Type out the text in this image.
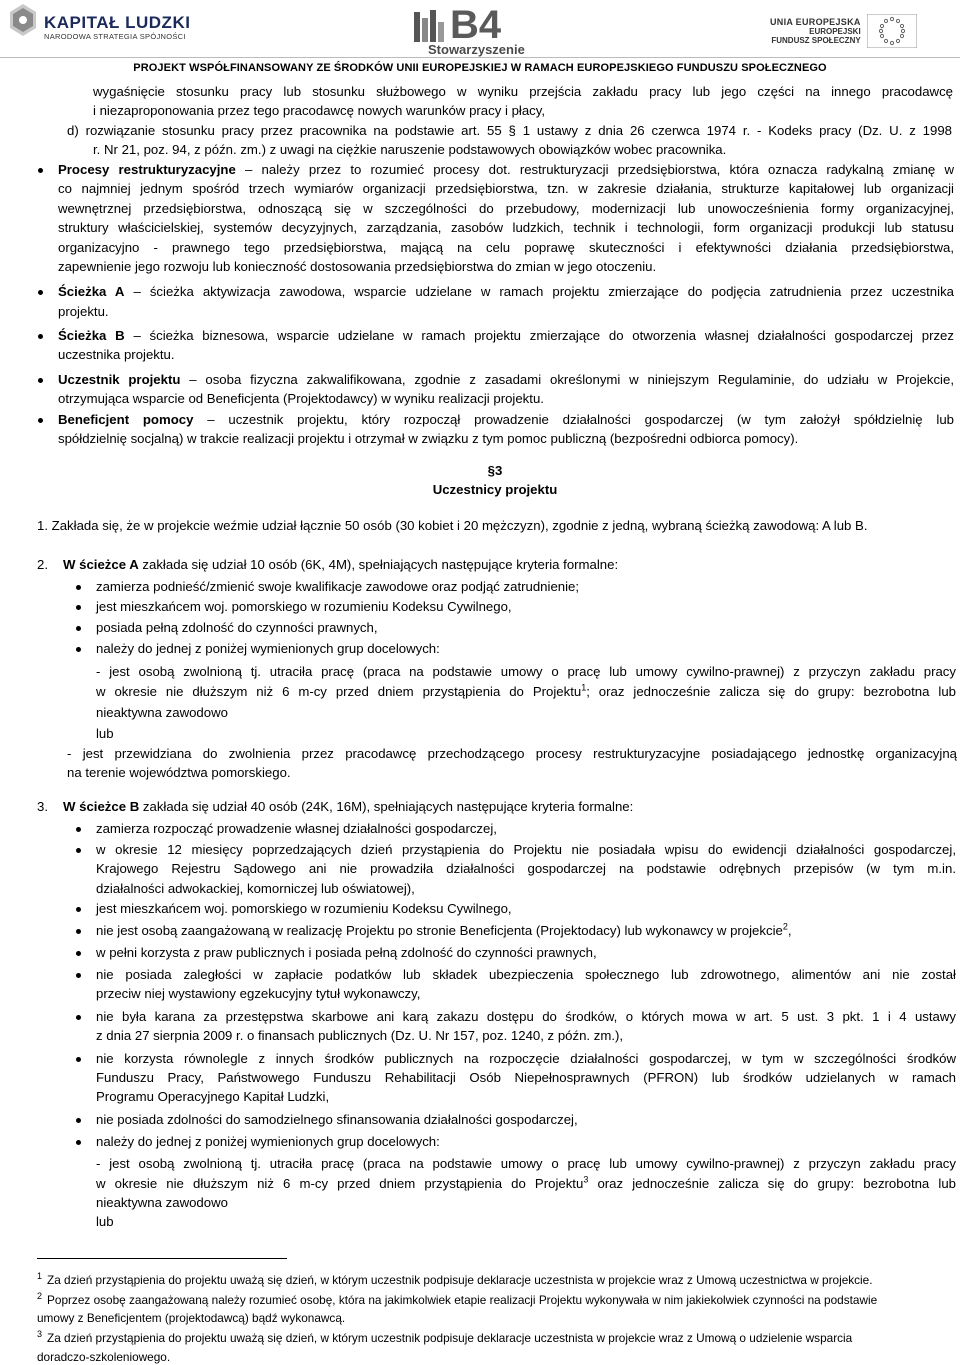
KAPITAŁ LUDZKI
NARODOWA STRATEGIA SPÓJNOŚCI	B4
Stowarzyszenie
UNIA EUROPEJSKA
EUROPEJSKI
FUNDUSZ SPOŁECZNY
PROJEKT WSPÓŁFINANSOWANY ZE ŚRODKÓW UNII EUROPEJSKIEJ W RAMACH EUROPEJSKIEGO FUNDUSZU SPOŁECZNEGO
wygaśnięcie stosunku pracy lub stosunku służbowego w wyniku przejścia zakładu pracy lub jego części na innego pracodawcę
i niezaproponowania przez tego pracodawcę nowych warunków pracy i płacy,
d) rozwiązanie stosunku pracy przez pracownika na podstawie art. 55 § 1 ustawy z dnia 26 czerwca 1974 r. - Kodeks pracy (Dz. U. z 1998
r. Nr 21, poz. 94, z późn. zm.) z uwagi na ciężkie naruszenie podstawowych obowiązków wobec pracownika.
Procesy restrukturyzacyjne – należy przez to rozumieć procesy dot. restrukturyzacji przedsiębiorstwa, która oznacza radykalną zmianę w
co najmniej jednym spośród trzech wymiarów organizacji przedsiębiorstwa, tzn. w zakresie działania, strukturze kapitałowej lub organizacji
wewnętrznej przedsiębiorstwa, odnoszącą się w szczególności do przebudowy, modernizacji lub unowocześnienia formy organizacyjnej,
struktury właścicielskiej, systemów decyzyjnych, zarządzania, zasobów ludzkich, technik i technologii, form organizacji produkcji lub statusu
organizacyjno - prawnego tego przedsiębiorstwa, mającą na celu poprawę skuteczności i efektywności działania przedsiębiorstwa,
zapewnienie jego rozwoju lub konieczność dostosowania przedsiębiorstwa do zmian w jego otoczeniu.
Ścieżka A – ścieżka aktywizacja zawodowa, wsparcie udzielane w ramach projektu zmierzające do podjęcia zatrudnienia przez uczestnika
projektu.
Ścieżka B – ścieżka biznesowa, wsparcie udzielane w ramach projektu zmierzające do otworzenia własnej działalności gospodarczej przez
uczestnika projektu.
Uczestnik projektu – osoba fizyczna zakwalifikowana, zgodnie z zasadami określonymi w niniejszym Regulaminie, do udziału w Projekcie,
otrzymująca wsparcie od Beneficjenta (Projektodawcy) w wyniku realizacji projektu.
Beneficjent pomocy – uczestnik projektu, który rozpoczął prowadzenie działalności gospodarczej (w tym założył spółdzielnię lub
spółdzielnię socjalną) w trakcie realizacji projektu i otrzymał w związku z tym pomoc publiczną (bezpośredni odbiorca pomocy).
§3
Uczestnicy projektu
1. Zakłada się, że w projekcie weźmie udział łącznie 50 osób (30 kobiet i 20 mężczyzn), zgodnie z jedną, wybraną ścieżką zawodową: A lub B.
2. W ścieżce A zakłada się udział 10 osób (6K, 4M), spełniających następujące kryteria formalne:
zamierza podnieść/zmienić swoje kwalifikacje zawodowe oraz podjąć zatrudnienie;
jest mieszkańcem woj. pomorskiego w rozumieniu Kodeksu Cywilnego,
posiada pełną zdolność do czynności prawnych,
należy do jednej z poniżej wymienionych grup docelowych:
- jest osobą zwolnioną tj. utraciła pracę (praca na podstawie umowy o pracę lub umowy cywilno-prawnej) z przyczyn zakładu pracy
w okresie nie dłuższym niż 6 m-cy przed dniem przystąpienia do Projektu$^1$; oraz jednocześnie zalicza się do grupy: bezrobotna lub
nieaktywna zawodowo
lub
- jest przewidziana do zwolnienia przez pracodawcę przechodzącego procesy restrukturyzacyjne posiadającego jednostkę organizacyjną
na terenie województwa pomorskiego.
3. W ścieżce B zakłada się udział 40 osób (24K, 16M), spełniających następujące kryteria formalne:
zamierza rozpocząć prowadzenie własnej działalności gospodarczej,
w okresie 12 miesięcy poprzedzających dzień przystąpienia do Projektu nie posiadała wpisu do ewidencji działalności gospodarczej,
Krajowego Rejestru Sądowego ani nie prowadziła działalności gospodarczej na podstawie odrębnych przepisów (w tym m.in.
działalności adwokackiej, komorniczej lub oświatowej),
jest mieszkańcem woj. pomorskiego w rozumieniu Kodeksu Cywilnego,
nie jest osobą zaangażowaną w realizację Projektu po stronie Beneficjenta (Projektodacy) lub wykonawcy w projekcie$^2$,
w pełni korzysta z praw publicznych i posiada pełną zdolność do czynności prawnych,
nie posiada zaległości w zapłacie podatków lub składek ubezpieczenia społecznego lub zdrowotnego, alimentów ani nie został
przeciw niej wystawiony egzekucyjny tytuł wykonawczy,
nie była karana za przestępstwa skarbowe ani karą zakazu dostępu do środków, o których mowa w art. 5 ust. 3 pkt. 1 i 4 ustawy
z dnia 27 sierpnia 2009 r. o finansach publicznych (Dz. U. Nr 157, poz. 1240, z późn. zm.),
nie korzysta równolegle z innych środków publicznych na rozpoczęcie działalności gospodarczej, w tym w szczególności środków
Funduszu Pracy, Państwowego Funduszu Rehabilitacji Osób Niepełnosprawnych (PFRON) lub środków udzielanych w ramach
Programu Operacyjnego Kapitał Ludzki,
nie posiada zdolności do samodzielnego sfinansowania działalności gospodarczej,
należy do jednej z poniżej wymienionych grup docelowych:
- jest osobą zwolnioną tj. utraciła pracę (praca na podstawie umowy o pracę lub umowy cywilno-prawnej) z przyczyn zakładu pracy
w okresie nie dłuższym niż 6 m-cy przed dniem przystąpienia do Projektu$^3$ oraz jednocześnie zalicza się do grupy: bezrobotna lub
nieaktywna zawodowo
lub
$^1$ Za dzień przystąpienia do projektu uważą się dzień, w którym uczestnik podpisuje deklaracje uczestnista w projekcie wraz z Umową uczestnictwa w projekcie.
$^2$ Poprzez osobę zaangażowaną należy rozumieć osobę, która na jakimkolwiek etapie realizacji Projektu wykonywała w nim jakiekolwiek czynności na podstawie
umowy z Beneficjentem (projektodawcą) bądź wykonawcą.
$^3$ Za dzień przystąpienia do projektu uważą się dzień, w którym uczestnik podpisuje deklaracje uczestnista w projekcie wraz z Umową o udzielenie wsparcia
doradczo-szkoleniowego.
